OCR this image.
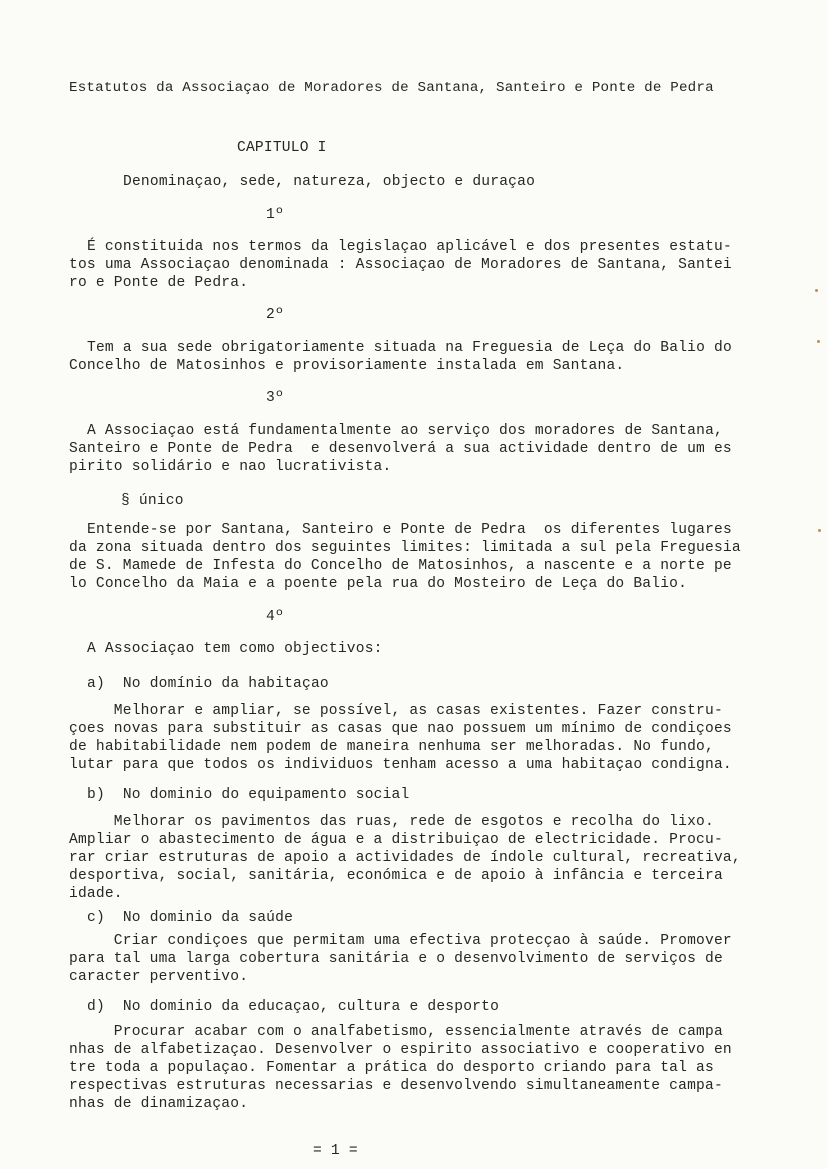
Estatutos da Associaçao de Moradores de Santana, Santeiro e Ponte de Pedra
CAPITULO I
Denominaçao, sede, natureza, objecto e duraçao
1º
É constituida nos termos da legislaçao aplicável e dos presentes estatu-
tos uma Associaçao denominada : Associaçao de Moradores de Santana, Santei
ro e Ponte de Pedra.
2º
Tem a sua sede obrigatoriamente situada na Freguesia de Leça do Balio do
Concelho de Matosinhos e provisoriamente instalada em Santana.
3º
A Associaçao está fundamentalmente ao serviço dos moradores de Santana,
Santeiro e Ponte de Pedra  e desenvolverá a sua actividade dentro de um es
pirito solidário e nao lucrativista.
§ único
Entende-se por Santana, Santeiro e Ponte de Pedra  os diferentes lugares
da zona situada dentro dos seguintes limites: limitada a sul pela Freguesia
de S. Mamede de Infesta do Concelho de Matosinhos, a nascente e a norte pe
lo Concelho da Maia e a poente pela rua do Mosteiro de Leça do Balio.
4º
A Associaçao tem como objectivos:
a)  No domínio da habitaçao
Melhorar e ampliar, se possível, as casas existentes. Fazer constru-
çoes novas para substituir as casas que nao possuem um mínimo de condiçoes
de habitabilidade nem podem de maneira nenhuma ser melhoradas. No fundo,
lutar para que todos os individuos tenham acesso a uma habitaçao condigna.
b)  No dominio do equipamento social
Melhorar os pavimentos das ruas, rede de esgotos e recolha do lixo.
Ampliar o abastecimento de água e a distribuiçao de electricidade. Procu-
rar criar estruturas de apoio a actividades de índole cultural, recreativa,
desportiva, social, sanitária, económica e de apoio à infância e terceira
idade.
c)  No dominio da saúde
Criar condiçoes que permitam uma efectiva protecçao à saúde. Promover
para tal uma larga cobertura sanitária e o desenvolvimento de serviços de
caracter perventivo.
d)  No dominio da educaçao, cultura e desporto
Procurar acabar com o analfabetismo, essencialmente através de campa
nhas de alfabetizaçao. Desenvolver o espirito associativo e cooperativo en
tre toda a populaçao. Fomentar a prática do desporto criando para tal as
respectivas estruturas necessarias e desenvolvendo simultaneamente campa-
nhas de dinamizaçao.
= 1 =
